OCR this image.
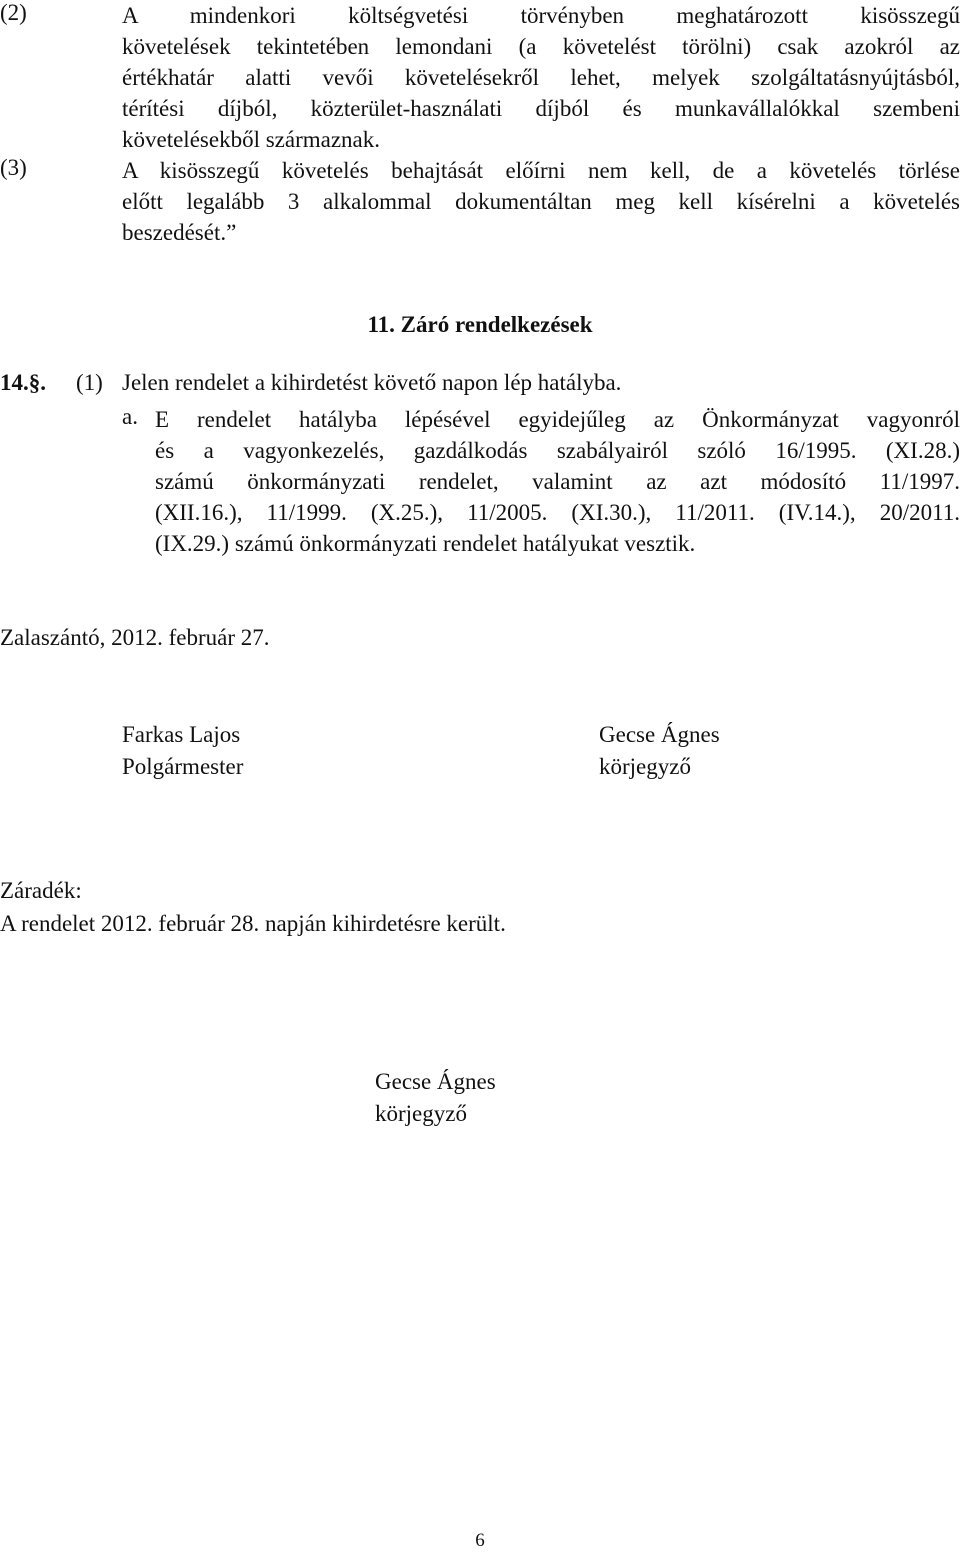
(2)	A mindenkori költségvetési törvényben meghatározott kisösszegű
követelések tekintetében lemondani (a követelést törölni) csak azokról az
értékhatár alatti vevői követelésekről lehet, melyek szolgáltatásnyújtásból,
térítési díjból, közterület-használati díjból és munkavállalókkal szembeni
követelésekből származnak.
(3)	A kisösszegű követelés behajtását előírni nem kell, de a követelés törlése
előtt legalább 3 alkalommal dokumentáltan meg kell kísérelni a követelés
beszedését.”
11. Záró rendelkezések
14.§. (1) Jelen rendelet a kihirdetést követő napon lép hatályba.
a. E rendelet hatályba lépésével egyidejűleg az Önkormányzat vagyonról
és a vagyonkezelés, gazdálkodás szabályairól szóló 16/1995. (XI.28.)
számú önkormányzati rendelet, valamint az azt módosító 11/1997.
(XII.16.), 11/1999. (X.25.), 11/2005. (XI.30.), 11/2011. (IV.14.), 20/2011.
(IX.29.) számú önkormányzati rendelet hatályukat vesztik.
Zalaszántó, 2012. február 27.
Farkas Lajos
Polgármester
Gecse Ágnes
körjegyző
Záradék:
A rendelet 2012. február 28. napján kihirdetésre került.
Gecse Ágnes
körjegyző
6
